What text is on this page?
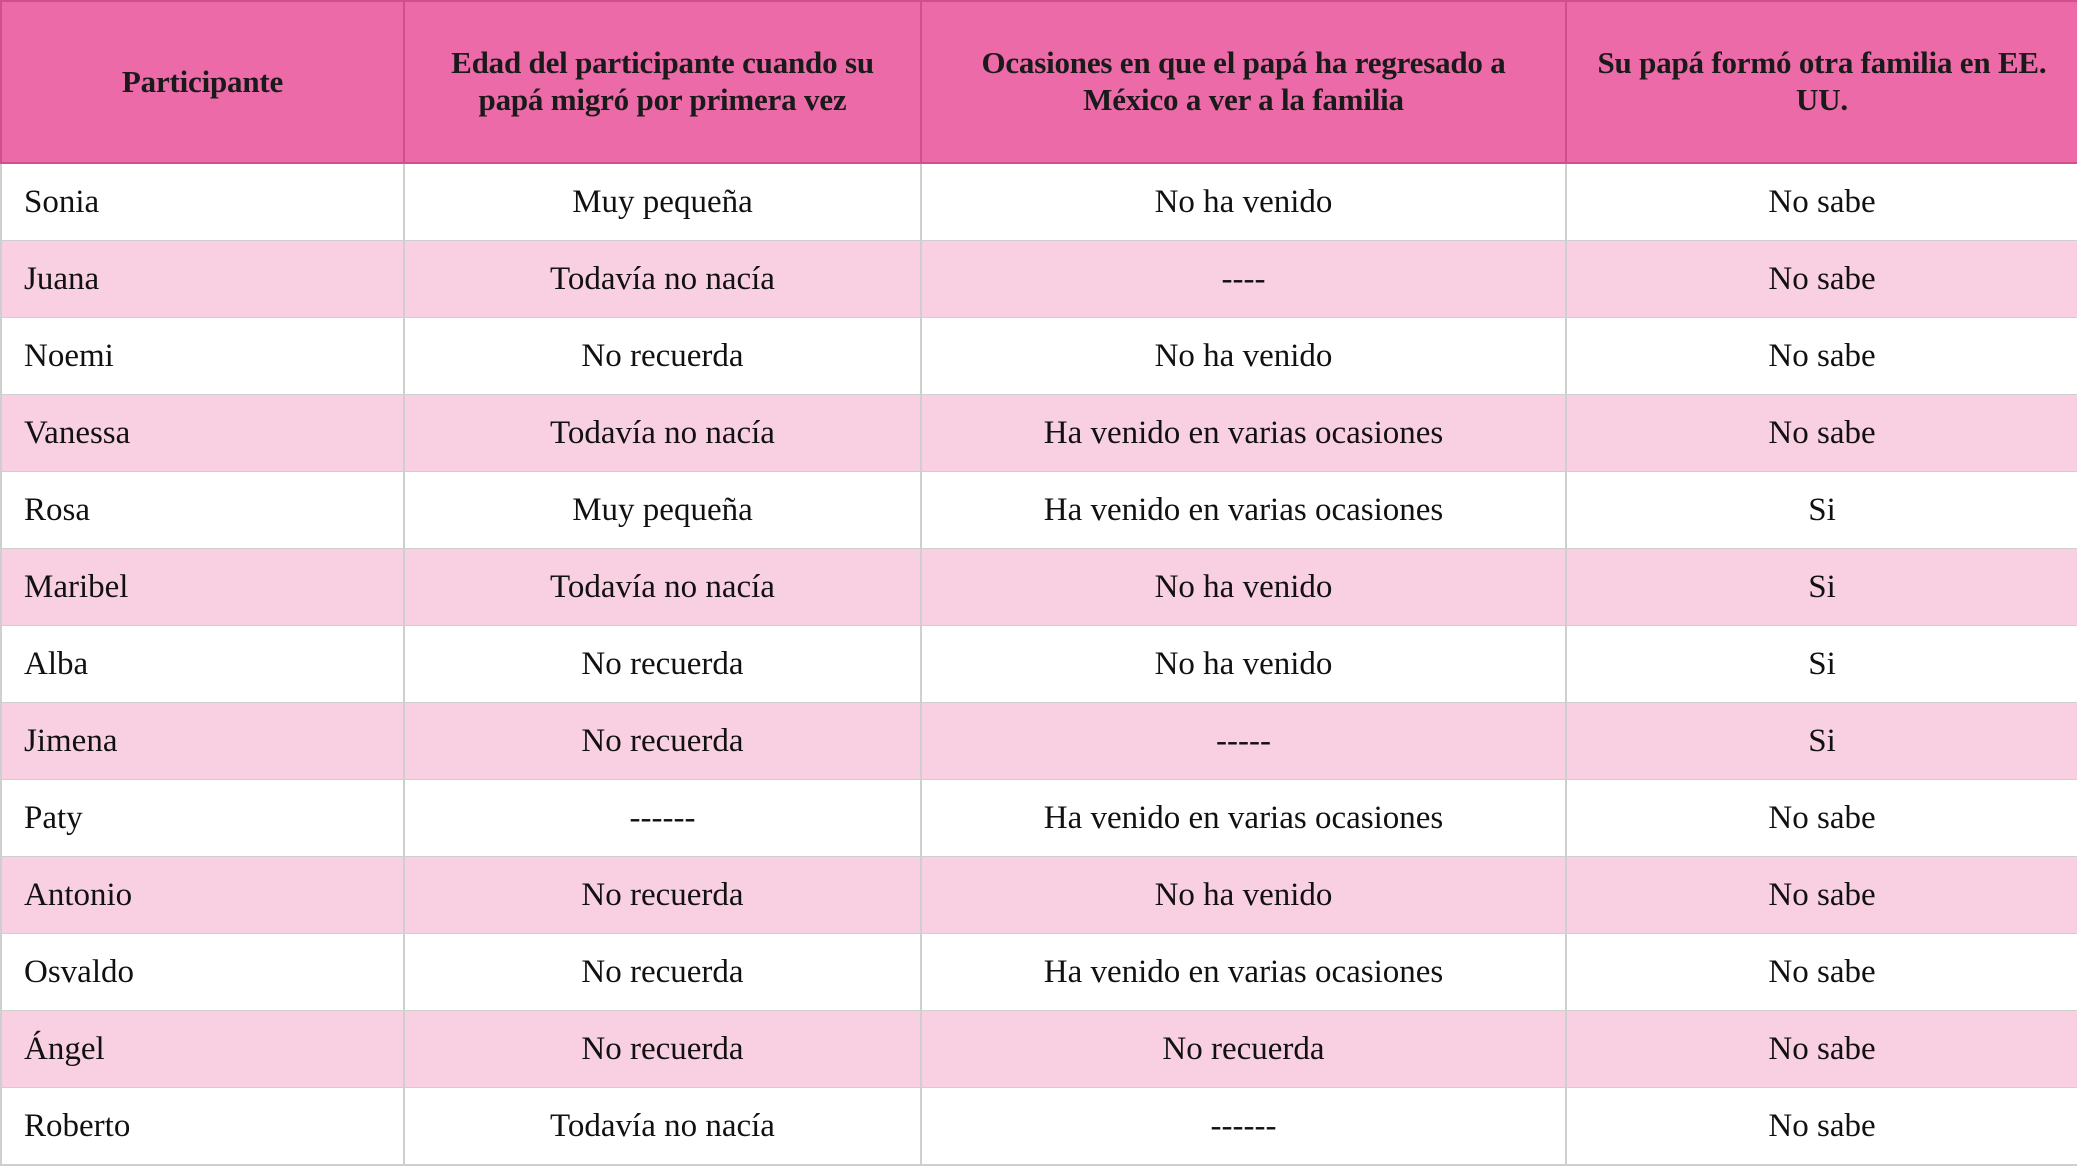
Participante	Edad del participante cuando su papá migró por primera vez	Ocasiones en que el papá ha regresado a México a ver a la familia	Su papá formó otra familia en EE. UU.
Sonia	Muy pequeña	No ha venido	No sabe
Juana	Todavía no nacía	----	No sabe
Noemi	No recuerda	No ha venido	No sabe
Vanessa	Todavía no nacía	Ha venido en varias ocasiones	No sabe
Rosa	Muy pequeña	Ha venido en varias ocasiones	Si
Maribel	Todavía no nacía	No ha venido	Si
Alba	No recuerda	No ha venido	Si
Jimena	No recuerda	-----	Si
Paty	------	Ha venido en varias ocasiones	No sabe
Antonio	No recuerda	No ha venido	No sabe
Osvaldo	No recuerda	Ha venido en varias ocasiones	No sabe
Ángel	No recuerda	No recuerda	No sabe
Roberto	Todavía no nacía	------	No sabe
